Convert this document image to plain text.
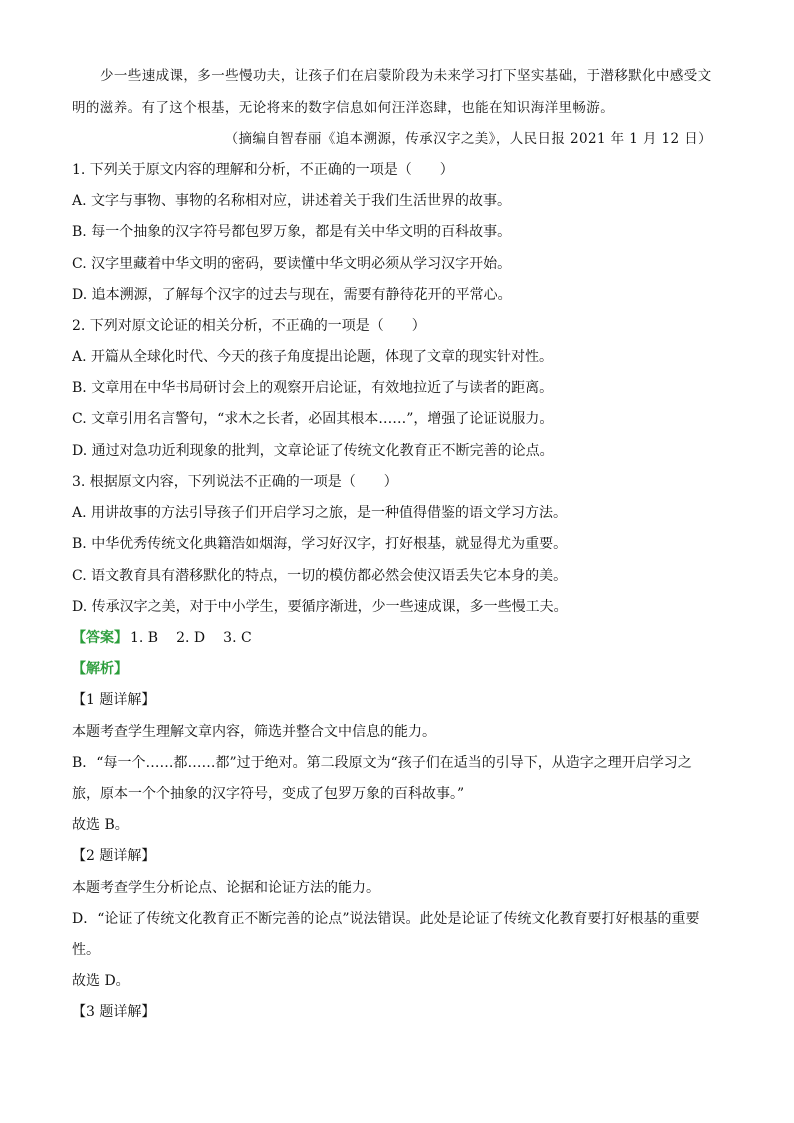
少一些速成课，多一些慢功夫，让孩子们在启蒙阶段为未来学习打下坚实基础，于潜移默化中感受文
明的滋养。有了这个根基，无论将来的数字信息如何汪洋恣肆，也能在知识海洋里畅游。
（摘编自智春丽《追本溯源，传承汉字之美》，人民日报 2021 年 1 月 12 日）
1. 下列关于原文内容的理解和分析，不正确的一项是（　　）
A. 文字与事物、事物的名称相对应，讲述着关于我们生活世界的故事。
B. 每一个抽象的汉字符号都包罗万象，都是有关中华文明的百科故事。
C. 汉字里藏着中华文明的密码，要读懂中华文明必须从学习汉字开始。
D. 追本溯源，了解每个汉字的过去与现在，需要有静待花开的平常心。
2. 下列对原文论证的相关分析，不正确的一项是（　　）
A. 开篇从全球化时代、今天的孩子角度提出论题，体现了文章的现实针对性。
B. 文章用在中华书局研讨会上的观察开启论证，有效地拉近了与读者的距离。
C. 文章引用名言警句，“求木之长者，必固其根本……”，增强了论证说服力。
D. 通过对急功近利现象的批判，文章论证了传统文化教育正不断完善的论点。
3. 根据原文内容，下列说法不正确的一项是（　　）
A. 用讲故事的方法引导孩子们开启学习之旅，是一种值得借鉴的语文学习方法。
B. 中华优秀传统文化典籍浩如烟海，学习好汉字，打好根基，就显得尤为重要。
C. 语文教育具有潜移默化的特点，一切的模仿都必然会使汉语丢失它本身的美。
D. 传承汉字之美，对于中小学生，要循序渐进，少一些速成课，多一些慢工夫。
【答案】 1. B 2. D 3. C
【解析】
【1 题详解】
本题考查学生理解文章内容，筛选并整合文中信息的能力。
B．“每一个……都……都”过于绝对。第二段原文为“孩子们在适当的引导下，从造字之理开启学习之
旅，原本一个个抽象的汉字符号，变成了包罗万象的百科故事。”
故选 B。
【2 题详解】
本题考查学生分析论点、论据和论证方法的能力。
D．“论证了传统文化教育正不断完善的论点”说法错误。此处是论证了传统文化教育要打好根基的重要
性。
故选 D。
【3 题详解】
